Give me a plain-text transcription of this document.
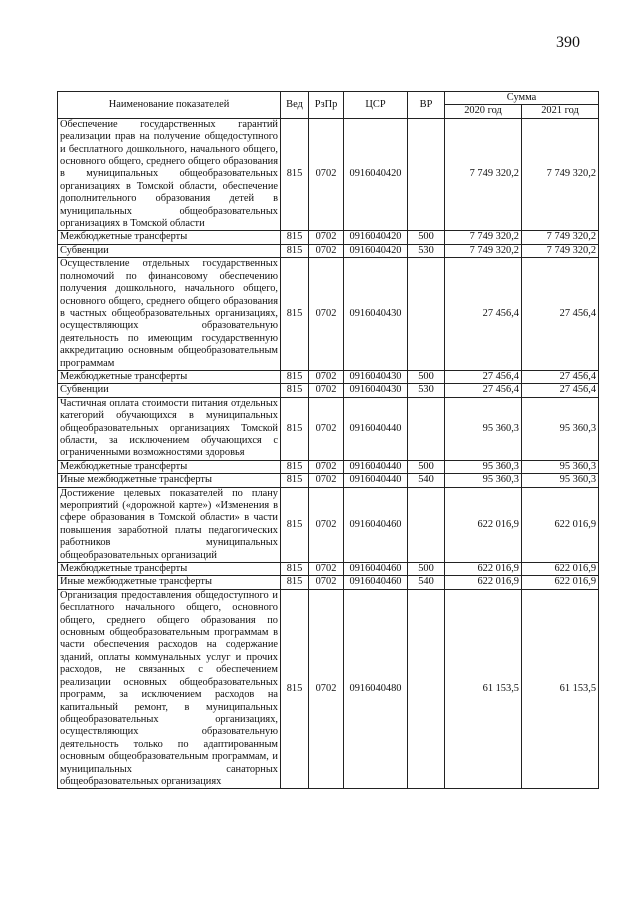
390
Наименование показателей	Вед	РзПр	ЦСР	ВР	Сумма	
					2020 год	2021 год
Обеспечение государственных гарантий реализации прав на получение общедоступного и бесплатного дошкольного, начального общего, основного общего, среднего общего образования в муниципальных общеобразовательных организациях в Томской области, обеспечение дополнительного образования детей в муниципальных общеобразовательных организациях в Томской области	815	0702	0916040420		7 749 320,2	7 749 320,2
Межбюджетные трансферты	815	0702	0916040420	500	7 749 320,2	7 749 320,2
Субвенции	815	0702	0916040420	530	7 749 320,2	7 749 320,2
Осуществление отдельных государственных полномочий по финансовому обеспечению получения дошкольного, начального общего, основного общего, среднего общего образования в частных общеобразовательных организациях, осуществляющих образовательную деятельность по имеющим государственную аккредитацию основным общеобразовательным программам	815	0702	0916040430		27 456,4	27 456,4
Межбюджетные трансферты	815	0702	0916040430	500	27 456,4	27 456,4
Субвенции	815	0702	0916040430	530	27 456,4	27 456,4
Частичная оплата стоимости питания отдельных категорий обучающихся в муниципальных общеобразовательных организациях Томской области, за исключением обучающихся с ограниченными возможностями здоровья	815	0702	0916040440		95 360,3	95 360,3
Межбюджетные трансферты	815	0702	0916040440	500	95 360,3	95 360,3
Иные межбюджетные трансферты	815	0702	0916040440	540	95 360,3	95 360,3
Достижение целевых показателей по плану мероприятий («дорожной карте») «Изменения в сфере образования в Томской области» в части повышения заработной платы педагогических работников муниципальных общеобразовательных организаций	815	0702	0916040460		622 016,9	622 016,9
Межбюджетные трансферты	815	0702	0916040460	500	622 016,9	622 016,9
Иные межбюджетные трансферты	815	0702	0916040460	540	622 016,9	622 016,9
Организация предоставления общедоступного и бесплатного начального общего, основного общего, среднего общего образования по основным общеобразовательным программам в части обеспечения расходов на содержание зданий, оплаты коммунальных услуг и прочих расходов, не связанных с обеспечением реализации основных общеобразовательных программ, за исключением расходов на капитальный ремонт, в муниципальных общеобразовательных организациях, осуществляющих образовательную деятельность только по адаптированным основным общеобразовательным программам, и муниципальных санаторных общеобразовательных организациях	815	0702	0916040480		61 153,5	61 153,5
